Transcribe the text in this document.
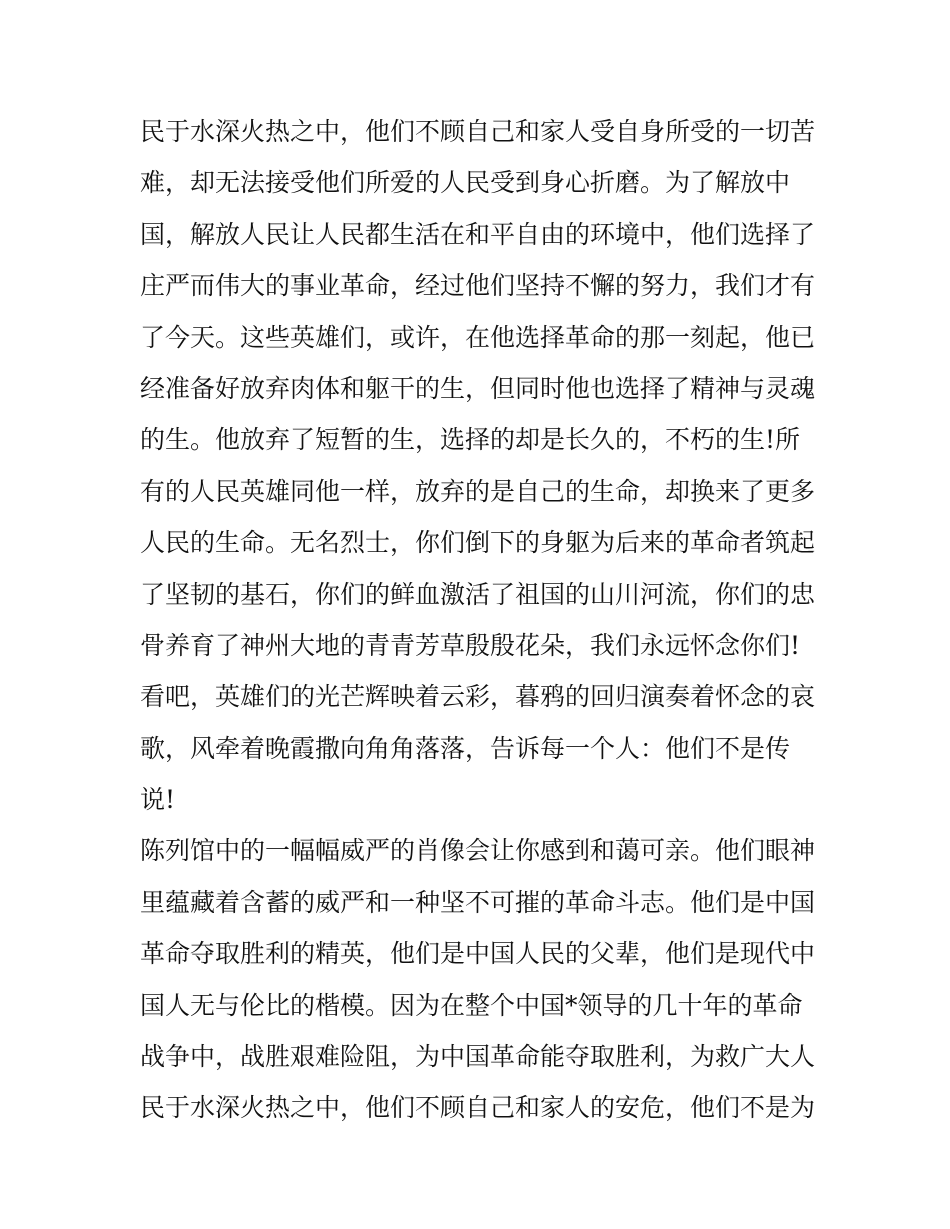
民于水深火热之中，他们不顾自己和家人受自身所受的一切苦
难，却无法接受他们所爱的人民受到身心折磨。为了解放中
国，解放人民让人民都生活在和平自由的环境中，他们选择了
庄严而伟大的事业革命，经过他们坚持不懈的努力，我们才有
了今天。这些英雄们，或许，在他选择革命的那一刻起，他已
经准备好放弃肉体和躯干的生，但同时他也选择了精神与灵魂
的生。他放弃了短暂的生，选择的却是长久的，不朽的生!所
有的人民英雄同他一样，放弃的是自己的生命，却换来了更多
人民的生命。无名烈士，你们倒下的身躯为后来的革命者筑起
了坚韧的基石，你们的鲜血激活了祖国的山川河流，你们的忠
骨养育了神州大地的青青芳草殷殷花朵，我们永远怀念你们!
看吧，英雄们的光芒辉映着云彩，暮鸦的回归演奏着怀念的哀
歌，风牵着晚霞撒向角角落落，告诉每一个人：他们不是传
说!
陈列馆中的一幅幅威严的肖像会让你感到和蔼可亲。他们眼神
里蕴藏着含蓄的威严和一种坚不可摧的革命斗志。他们是中国
革命夺取胜利的精英，他们是中国人民的父辈，他们是现代中
国人无与伦比的楷模。因为在整个中国*领导的几十年的革命
战争中，战胜艰难险阻，为中国革命能夺取胜利，为救广大人
民于水深火热之中，他们不顾自己和家人的安危，他们不是为
